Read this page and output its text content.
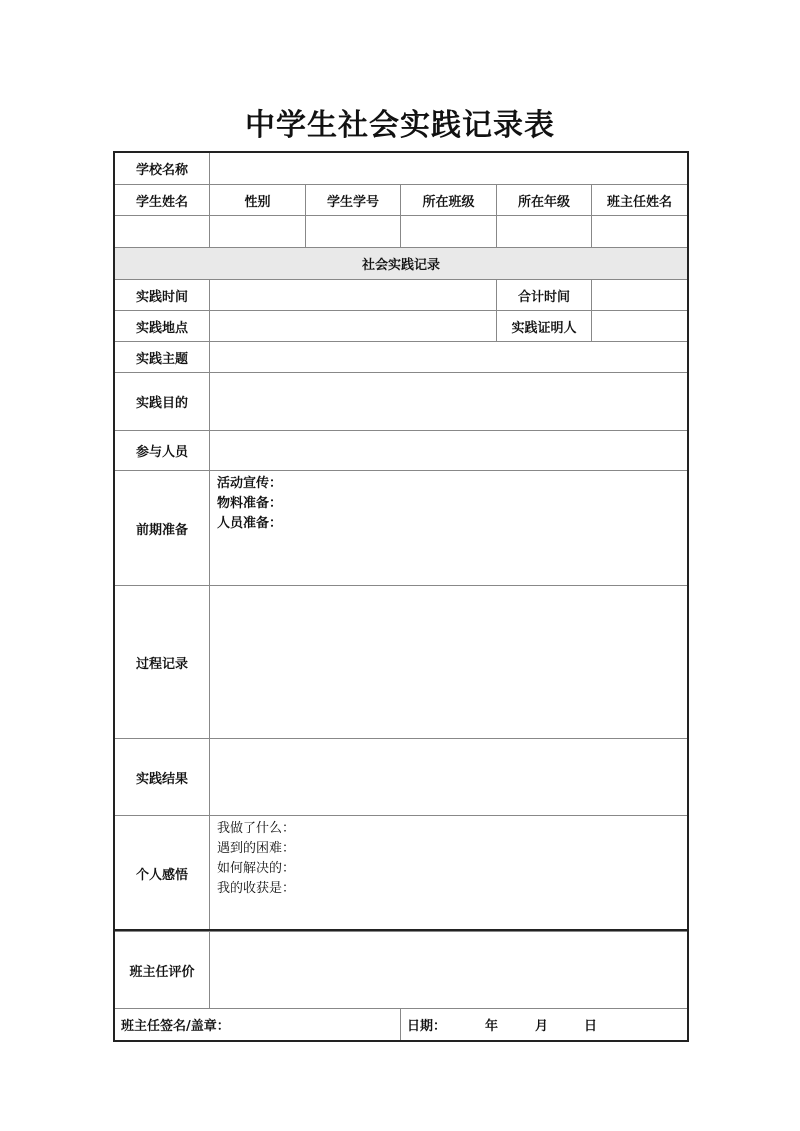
中学生社会实践记录表
学校名称					
学生姓名	性别	学生学号	所在班级	所在年级	班主任姓名

社会实践记录					
实践时间				合计时间	
实践地点				实践证明人	
实践主题					
实践目的					
参与人员					
前期准备	活动宣传：
物料准备：
人员准备：				

过程记录					
实践结果					
个人感悟	我做了什么：
遇到的困难：
如何解决的：
我的收获是：				

班主任评价					
班主任签名/盖章：			日期： 年 月 日		
